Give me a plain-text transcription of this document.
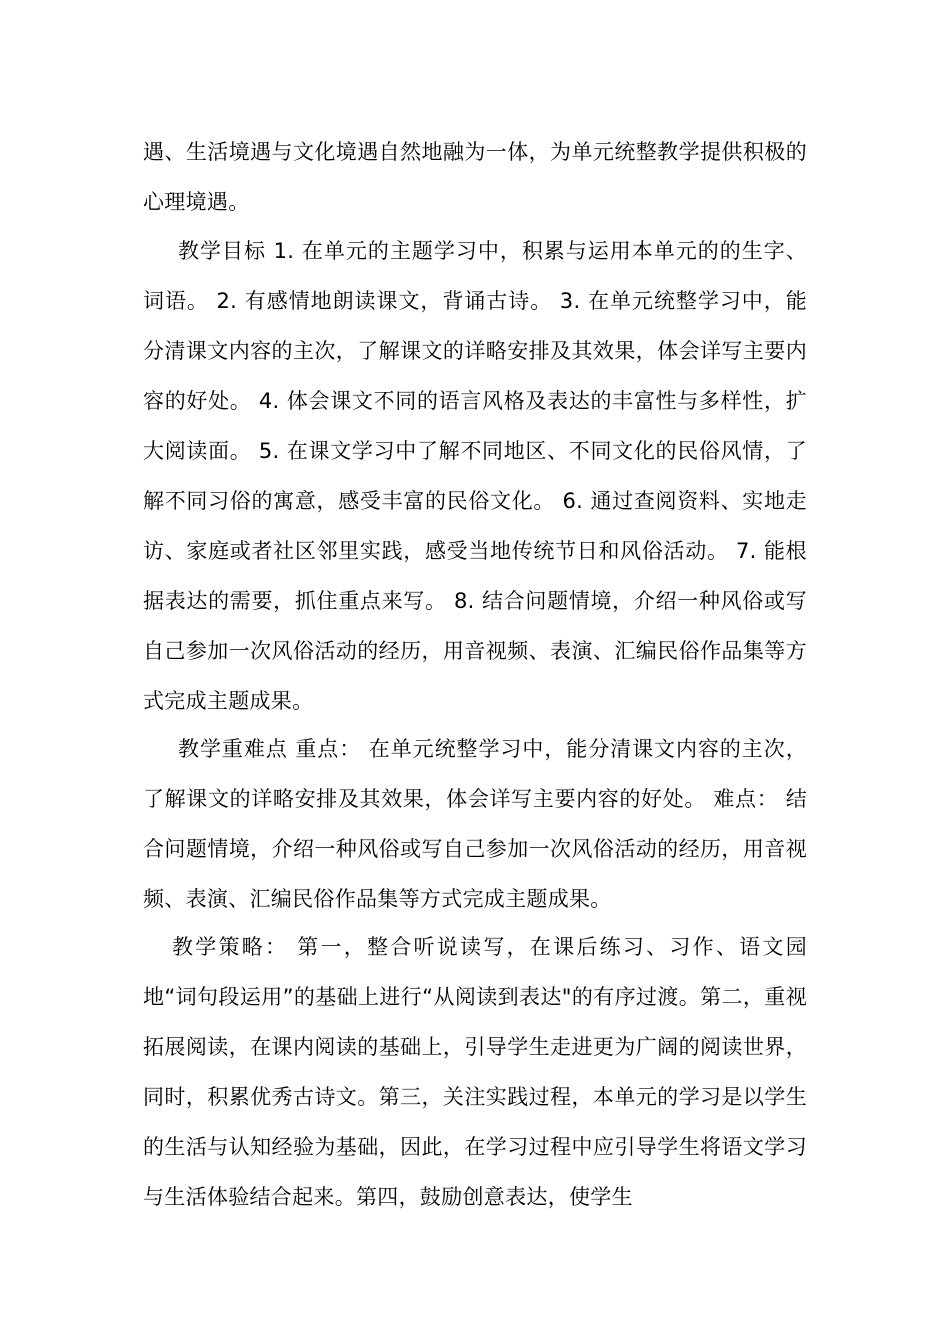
遇、生活境遇与文化境遇自然地融为一体，为单元统整教学提供积极的心理境遇。
教学目标 1. 在单元的主题学习中，积累与运用本单元的的生字、词语。 2. 有感情地朗读课文，背诵古诗。 3. 在单元统整学习中，能分清课文内容的主次，了解课文的详略安排及其效果，体会详写主要内容的好处。 4. 体会课文不同的语言风格及表达的丰富性与多样性，扩大阅读面。 5. 在课文学习中了解不同地区、不同文化的民俗风情，了解不同习俗的寓意，感受丰富的民俗文化。 6. 通过查阅资料、实地走访、家庭或者社区邻里实践，感受当地传统节日和风俗活动。 7. 能根据表达的需要，抓住重点来写。 8. 结合问题情境，介绍一种风俗或写自己参加一次风俗活动的经历，用音视频、表演、汇编民俗作品集等方式完成主题成果。
教学重难点 重点： 在单元统整学习中，能分清课文内容的主次，了解课文的详略安排及其效果，体会详写主要内容的好处。 难点： 结合问题情境，介绍一种风俗或写自己参加一次风俗活动的经历，用音视频、表演、汇编民俗作品集等方式完成主题成果。
教学策略： 第一，整合听说读写，在课后练习、习作、语文园地“词句段运用”的基础上进行“从阅读到表达"的有序过渡。第二，重视拓展阅读，在课内阅读的基础上，引导学生走进更为广阔的阅读世界，同时，积累优秀古诗文。第三，关注实践过程，本单元的学习是以学生的生活与认知经验为基础，因此，在学习过程中应引导学生将语文学习与生活体验结合起来。第四，鼓励创意表达，使学生
